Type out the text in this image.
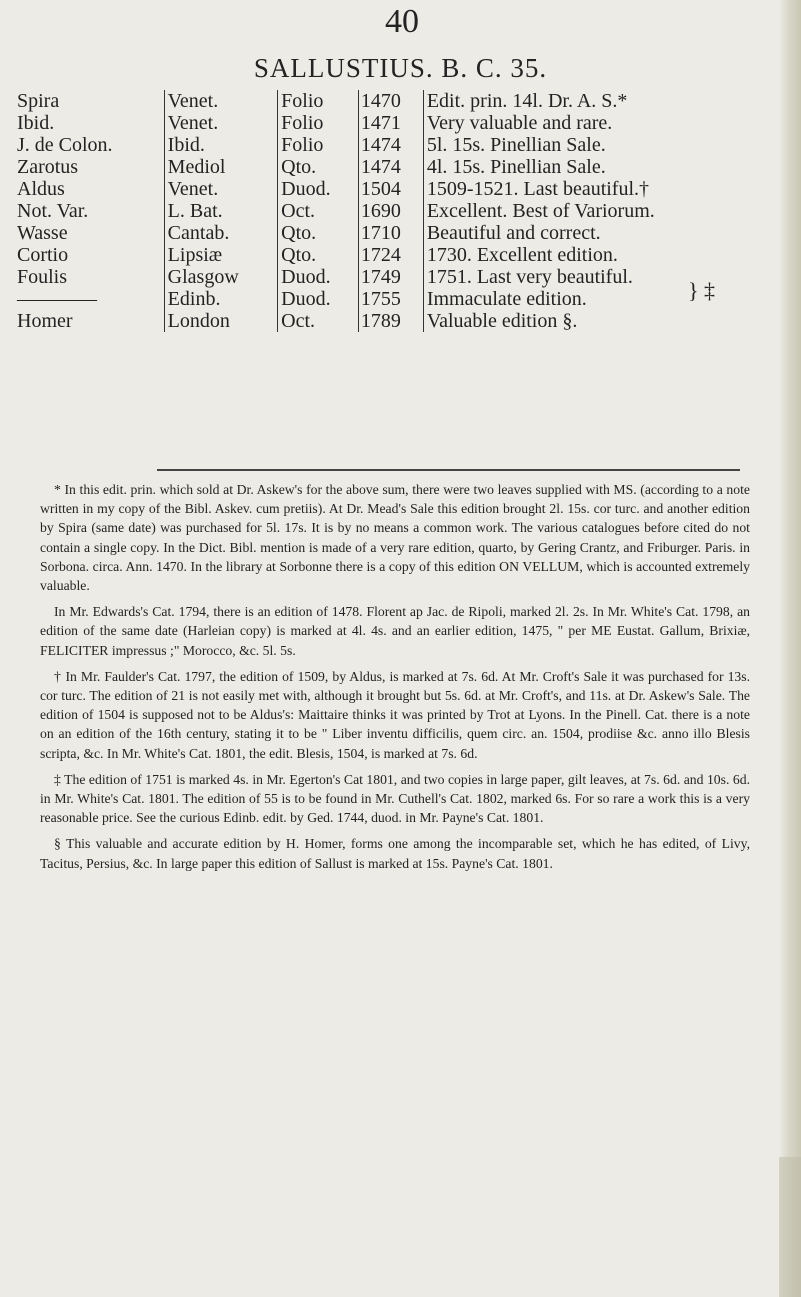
40
SALLUSTIUS. B. C. 35.
Spira	Venet.	Folio	1470	Edit. prin. 14l. Dr. A. S.*
Ibid.	Venet.	Folio	1471	Very valuable and rare.
J. de Colon.	Ibid.	Folio	1474	5l. 15s. Pinellian Sale.
Zarotus	Mediol	Qto.	1474	4l. 15s. Pinellian Sale.
Aldus	Venet.	Duod.	1504	1509-1521. Last beautiful.†
Not. Var.	L. Bat.	Oct.	1690	Excellent. Best of Variorum.
Wasse	Cantab.	Qto.	1710	Beautiful and correct.
Cortio	Lipsiæ	Qto.	1724	1730. Excellent edition.
Foulis	Glasgow	Duod.	1749	1751. Last very beautiful.
————	Edinb.	Duod.	1755	Immaculate edition.
Homer	London	Oct.	1789	Valuable edition §.
} ‡

* In this edit. prin. which sold at Dr. Askew's for the above sum, there were two leaves supplied with MS. (according to a note written in my copy of the Bibl. Askev. cum pretiis). At Dr. Mead's Sale this edition brought 2l. 15s. cor turc. and another edition by Spira (same date) was purchased for 5l. 17s. It is by no means a common work. The various catalogues before cited do not contain a single copy. In the Dict. Bibl. mention is made of a very rare edition, quarto, by Gering Crantz, and Friburger. Paris. in Sorbona. circa. Ann. 1470. In the library at Sorbonne there is a copy of this edition ON VELLUM, which is accounted extremely valuable.

In Mr. Edwards's Cat. 1794, there is an edition of 1478. Florent ap Jac. de Ripoli, marked 2l. 2s. In Mr. White's Cat. 1798, an edition of the same date (Harleian copy) is marked at 4l. 4s. and an earlier edition, 1475, " per ME Eustat. Gallum, Brixiæ, FELICITER impressus ;" Morocco, &c. 5l. 5s.

† In Mr. Faulder's Cat. 1797, the edition of 1509, by Aldus, is marked at 7s. 6d. At Mr. Croft's Sale it was purchased for 13s. cor turc. The edition of 21 is not easily met with, although it brought but 5s. 6d. at Mr. Croft's, and 11s. at Dr. Askew's Sale. The edition of 1504 is supposed not to be Aldus's: Maittaire thinks it was printed by Trot at Lyons. In the Pinell. Cat. there is a note on an edition of the 16th century, stating it to be " Liber inventu difficilis, quem circ. an. 1504, prodiise &c. anno illo Blesis scripta, &c. In Mr. White's Cat. 1801, the edit. Blesis, 1504, is marked at 7s. 6d.

‡ The edition of 1751 is marked 4s. in Mr. Egerton's Cat 1801, and two copies in large paper, gilt leaves, at 7s. 6d. and 10s. 6d. in Mr. White's Cat. 1801. The edition of 55 is to be found in Mr. Cuthell's Cat. 1802, marked 6s. For so rare a work this is a very reasonable price. See the curious Edinb. edit. by Ged. 1744, duod. in Mr. Payne's Cat. 1801.

§ This valuable and accurate edition by H. Homer, forms one among the incomparable set, which he has edited, of Livy, Tacitus, Persius, &c. In large paper this edition of Sallust is marked at 15s. Payne's Cat. 1801.
